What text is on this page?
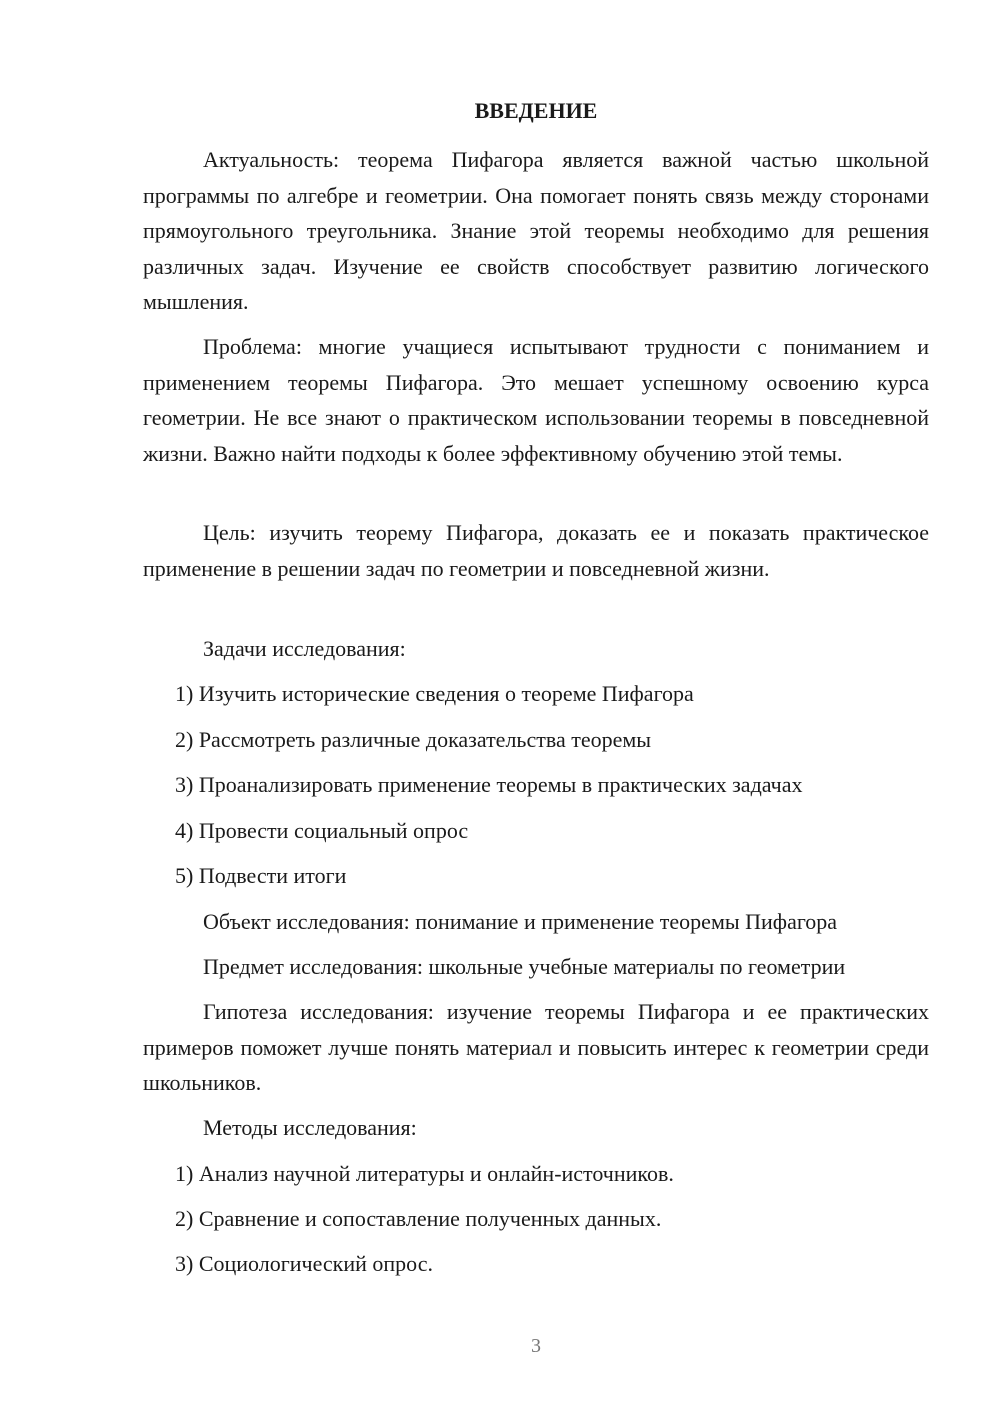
ВВЕДЕНИЕ

Актуальность: теорема Пифагора является важной частью школьной программы по алгебре и геометрии. Она помогает понять связь между сторонами прямоугольного треугольника. Знание этой теоремы необходимо для решения различных задач. Изучение ее свойств способствует развитию логического мышления.

Проблема: многие учащиеся испытывают трудности с пониманием и применением теоремы Пифагора. Это мешает успешному освоению курса геометрии. Не все знают о практическом использовании теоремы в повседневной жизни. Важно найти подходы к более эффективному обучению этой темы.

Цель: изучить теорему Пифагора, доказать ее и показать практическое применение в решении задач по геометрии и повседневной жизни.

Задачи исследования:

1) Изучить исторические сведения о теореме Пифагора

2) Рассмотреть различные доказательства теоремы

3) Проанализировать применение теоремы в практических задачах

4) Провести социальный опрос

5) Подвести итоги

Объект исследования: понимание и применение теоремы Пифагора

Предмет исследования: школьные учебные материалы по геометрии

Гипотеза исследования: изучение теоремы Пифагора и ее практических примеров поможет лучше понять материал и повысить интерес к геометрии среди школьников.

Методы исследования:

1) Анализ научной литературы и онлайн-источников.

2) Сравнение и сопоставление полученных данных.

3) Социологический опрос.

3
